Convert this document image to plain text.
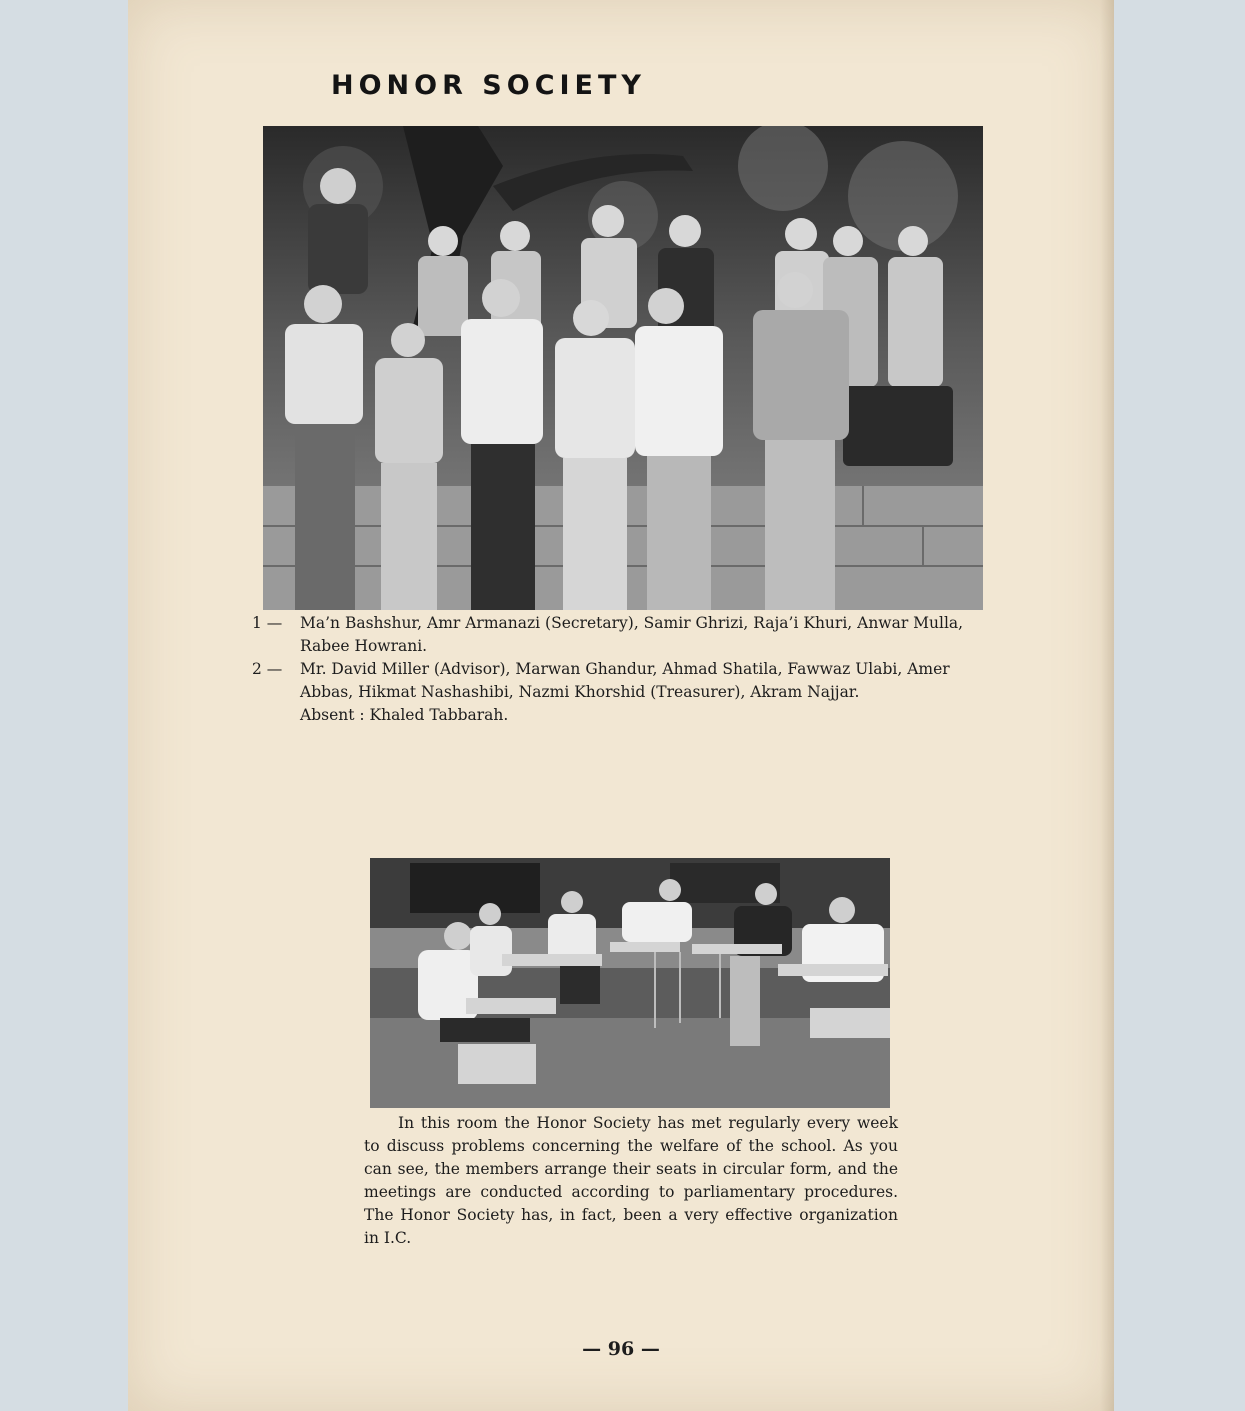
HONOR SOCIETY
1 —	Ma’n Bashshur, Amr Armanazi (Secretary), Samir Ghrizi, Raja’i Khuri, Anwar Mulla, Rabee Howrani.

2 —	Mr. David Miller (Advisor), Marwan Ghandur, Ahmad Shatila, Fawwaz Ulabi, Amer Abbas, Hikmat Nashashibi, Nazmi Khorshid (Treasurer), Akram Najjar.

Absent : Khaled Tabbarah.

In this room the Honor Society has met regularly every week to discuss problems concerning the welfare of the school. As you can see, the members arrange their seats in circular form, and the meetings are conducted according to parliamentary procedures. The Honor Society has, in fact, been a very effective organization in I.C.

— 96 —
